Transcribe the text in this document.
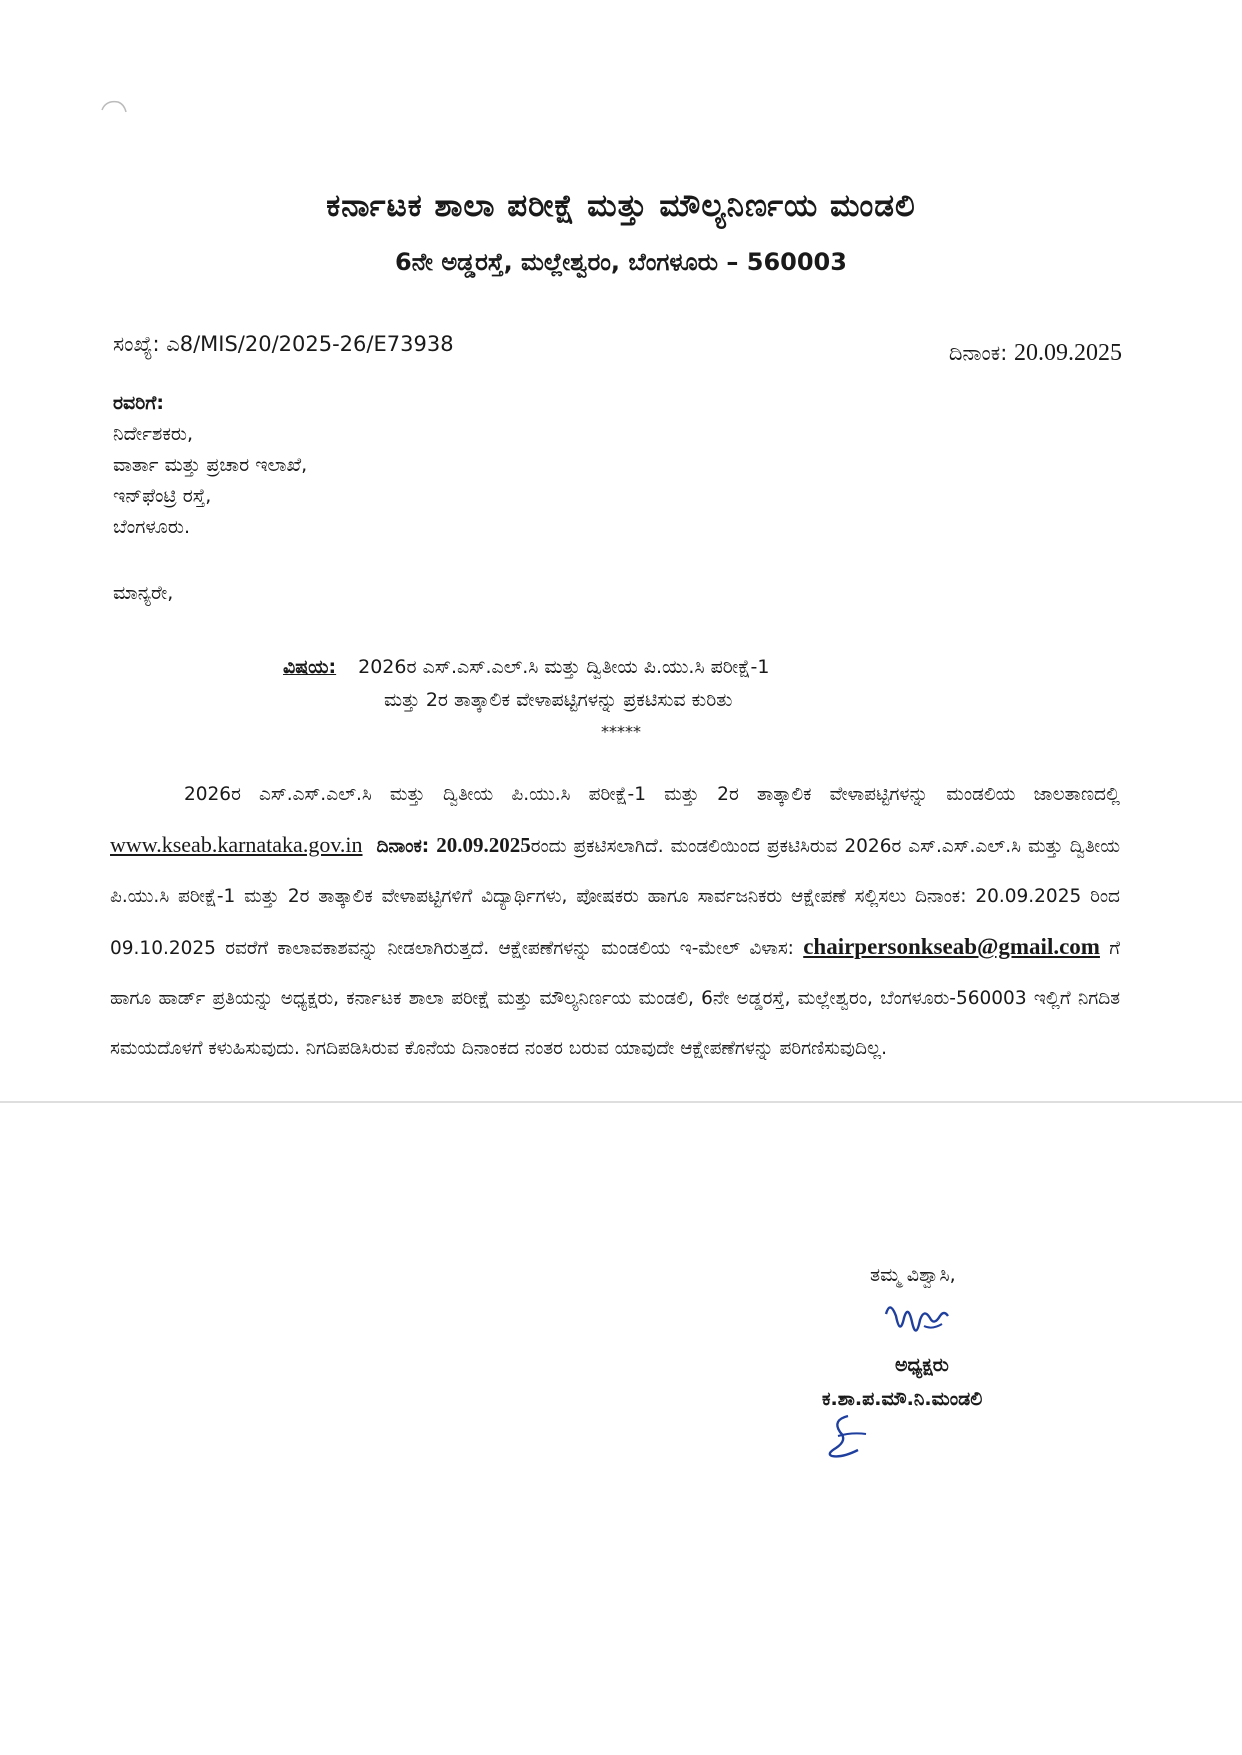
ಕರ್ನಾಟಕ ಶಾಲಾ ಪರೀಕ್ಷೆ ಮತ್ತು ಮೌಲ್ಯನಿರ್ಣಯ ಮಂಡಲಿ
6ನೇ ಅಡ್ಡರಸ್ತೆ, ಮಲ್ಲೇಶ್ವರಂ, ಬೆಂಗಳೂರು – 560003
ಸಂಖ್ಯೆ: ಎ8/MIS/20/2025-26/E73938	ದಿನಾಂಕ: 20.09.2025
ರವರಿಗೆ:
ನಿರ್ದೇಶಕರು,
ವಾರ್ತಾ ಮತ್ತು ಪ್ರಚಾರ ಇಲಾಖೆ,
ಇನ್‌ಫೆಂಟ್ರಿ ರಸ್ತೆ,
ಬೆಂಗಳೂರು.
ಮಾನ್ಯರೇ,
ವಿಷಯ: 2026ರ ಎಸ್.ಎಸ್.ಎಲ್.ಸಿ ಮತ್ತು ದ್ವಿತೀಯ ಪಿ.ಯು.ಸಿ ಪರೀಕ್ಷೆ-1
ಮತ್ತು 2ರ ತಾತ್ಕಾಲಿಕ ವೇಳಾಪಟ್ಟಿಗಳನ್ನು ಪ್ರಕಟಿಸುವ ಕುರಿತು
*****
2026ರ ಎಸ್.ಎಸ್.ಎಲ್.ಸಿ ಮತ್ತು ದ್ವಿತೀಯ ಪಿ.ಯು.ಸಿ ಪರೀಕ್ಷೆ-1 ಮತ್ತು 2ರ ತಾತ್ಕಾಲಿಕ ವೇಳಾಪಟ್ಟಿಗಳನ್ನು ಮಂಡಲಿಯ ಜಾಲತಾಣದಲ್ಲಿ www.kseab.karnataka.gov.in ದಿನಾಂಕ: 20.09.2025ರಂದು ಪ್ರಕಟಿಸಲಾಗಿದೆ. ಮಂಡಲಿಯಿಂದ ಪ್ರಕಟಿಸಿರುವ 2026ರ ಎಸ್.ಎಸ್.ಎಲ್.ಸಿ ಮತ್ತು ದ್ವಿತೀಯ ಪಿ.ಯು.ಸಿ ಪರೀಕ್ಷೆ-1 ಮತ್ತು 2ರ ತಾತ್ಕಾಲಿಕ ವೇಳಾಪಟ್ಟಿಗಳಿಗೆ ವಿದ್ಯಾರ್ಥಿಗಳು, ಪೋಷಕರು ಹಾಗೂ ಸಾರ್ವಜನಿಕರು ಆಕ್ಷೇಪಣೆ ಸಲ್ಲಿಸಲು ದಿನಾಂಕ: 20.09.2025 ರಿಂದ 09.10.2025 ರವರೆಗೆ ಕಾಲಾವಕಾಶವನ್ನು ನೀಡಲಾಗಿರುತ್ತದೆ. ಆಕ್ಷೇಪಣೆಗಳನ್ನು ಮಂಡಲಿಯ ಇ-ಮೇಲ್ ವಿಳಾಸ: chairpersonkseab@gmail.com ಗೆ ಹಾಗೂ ಹಾರ್ಡ್ ಪ್ರತಿಯನ್ನು ಅಧ್ಯಕ್ಷರು, ಕರ್ನಾಟಕ ಶಾಲಾ ಪರೀಕ್ಷೆ ಮತ್ತು ಮೌಲ್ಯನಿರ್ಣಯ ಮಂಡಲಿ, 6ನೇ ಅಡ್ಡರಸ್ತೆ, ಮಲ್ಲೇಶ್ವರಂ, ಬೆಂಗಳೂರು-560003 ಇಲ್ಲಿಗೆ ನಿಗದಿತ ಸಮಯದೊಳಗೆ ಕಳುಹಿಸುವುದು. ನಿಗದಿಪಡಿಸಿರುವ ಕೊನೆಯ ದಿನಾಂಕದ ನಂತರ ಬರುವ ಯಾವುದೇ ಆಕ್ಷೇಪಣೆಗಳನ್ನು ಪರಿಗಣಿಸುವುದಿಲ್ಲ.
ತಮ್ಮ ವಿಶ್ವಾಸಿ,
ಅಧ್ಯಕ್ಷರು
ಕ.ಶಾ.ಪ.ಮೌ.ನಿ.ಮಂಡಲಿ
